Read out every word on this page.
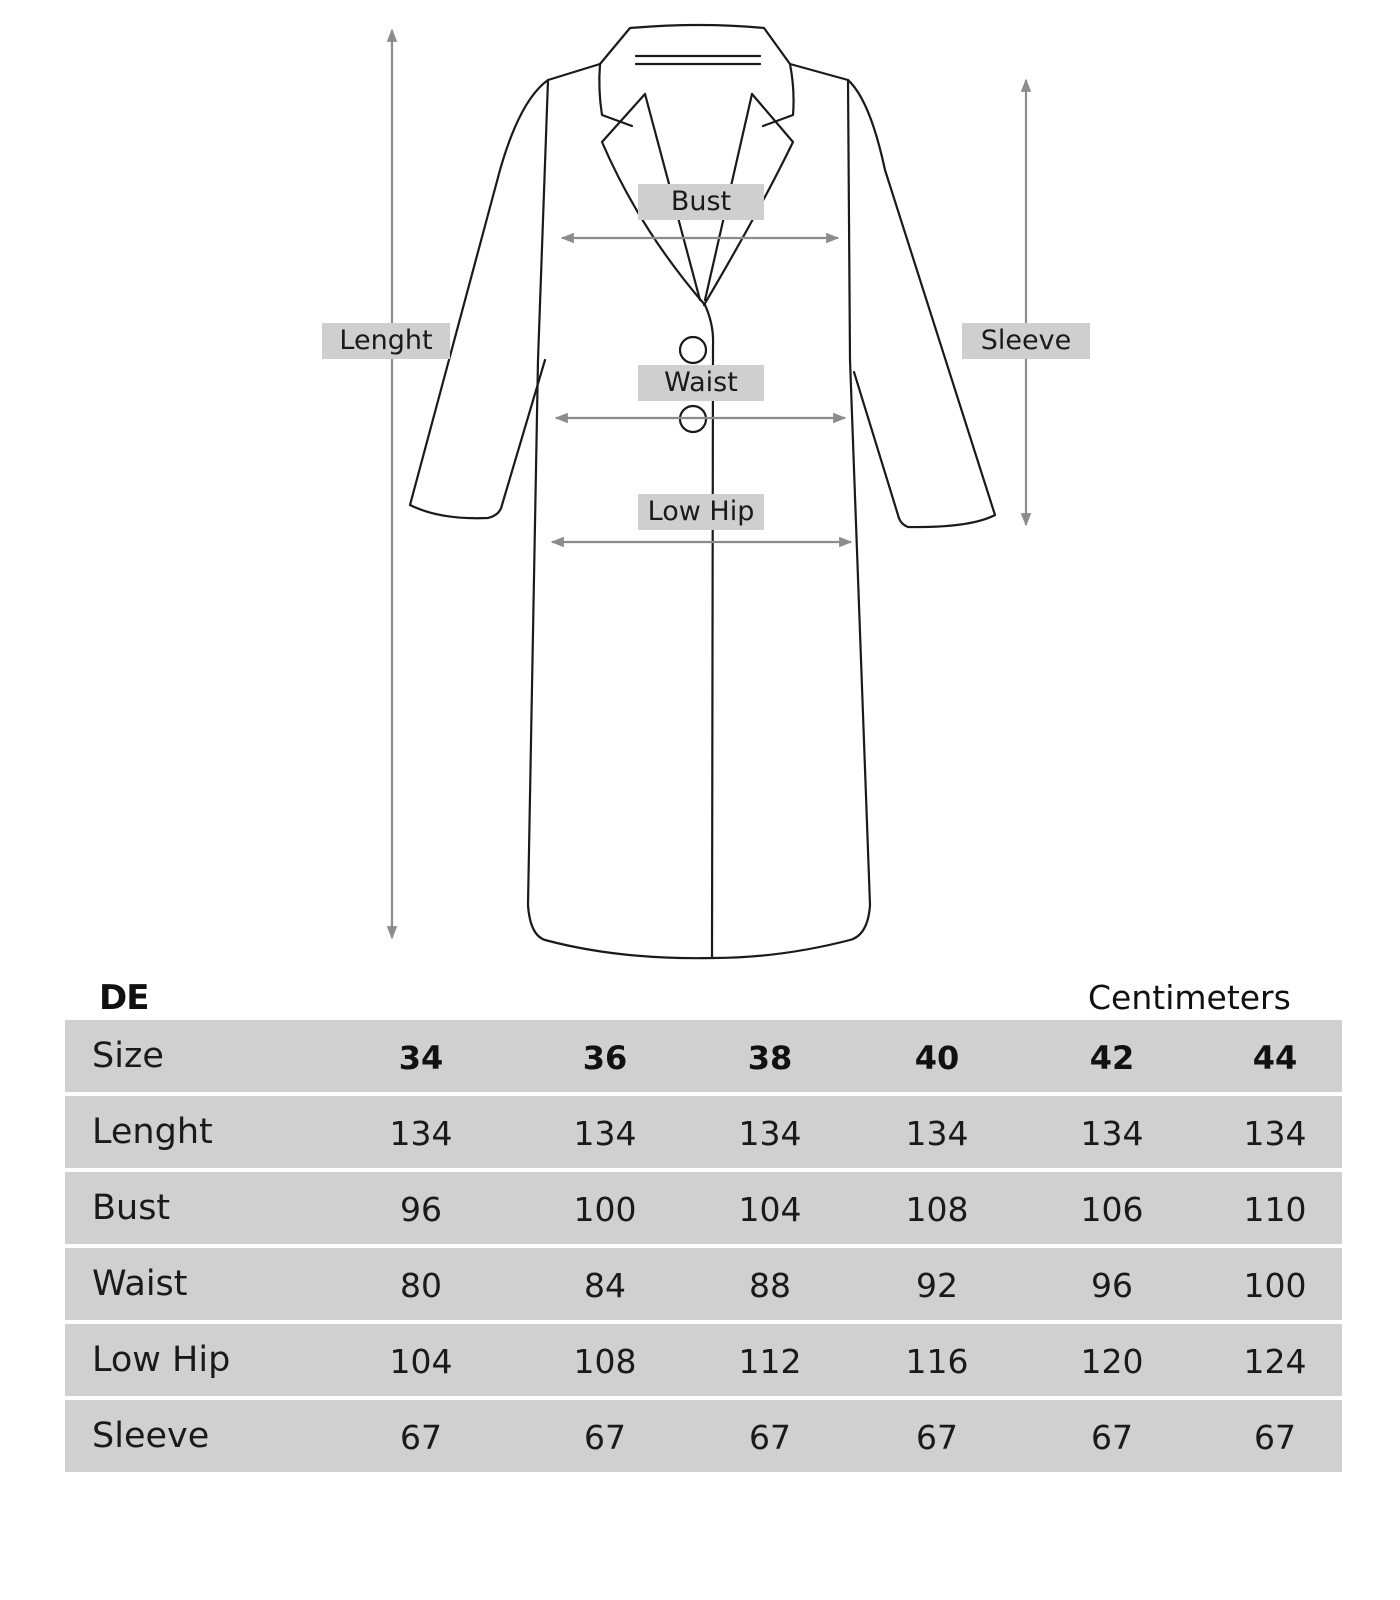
Bust
Waist
Low Hip
Lenght	Sleeve
DE	Centimeters
Size	34	36	38	40	42	44
Lenght	134	134	134	134	134	134
Bust	96	100	104	108	106	110
Waist	80	84	88	92	96	100
Low Hip	104	108	112	116	120	124
Sleeve	67	67	67	67	67	67
